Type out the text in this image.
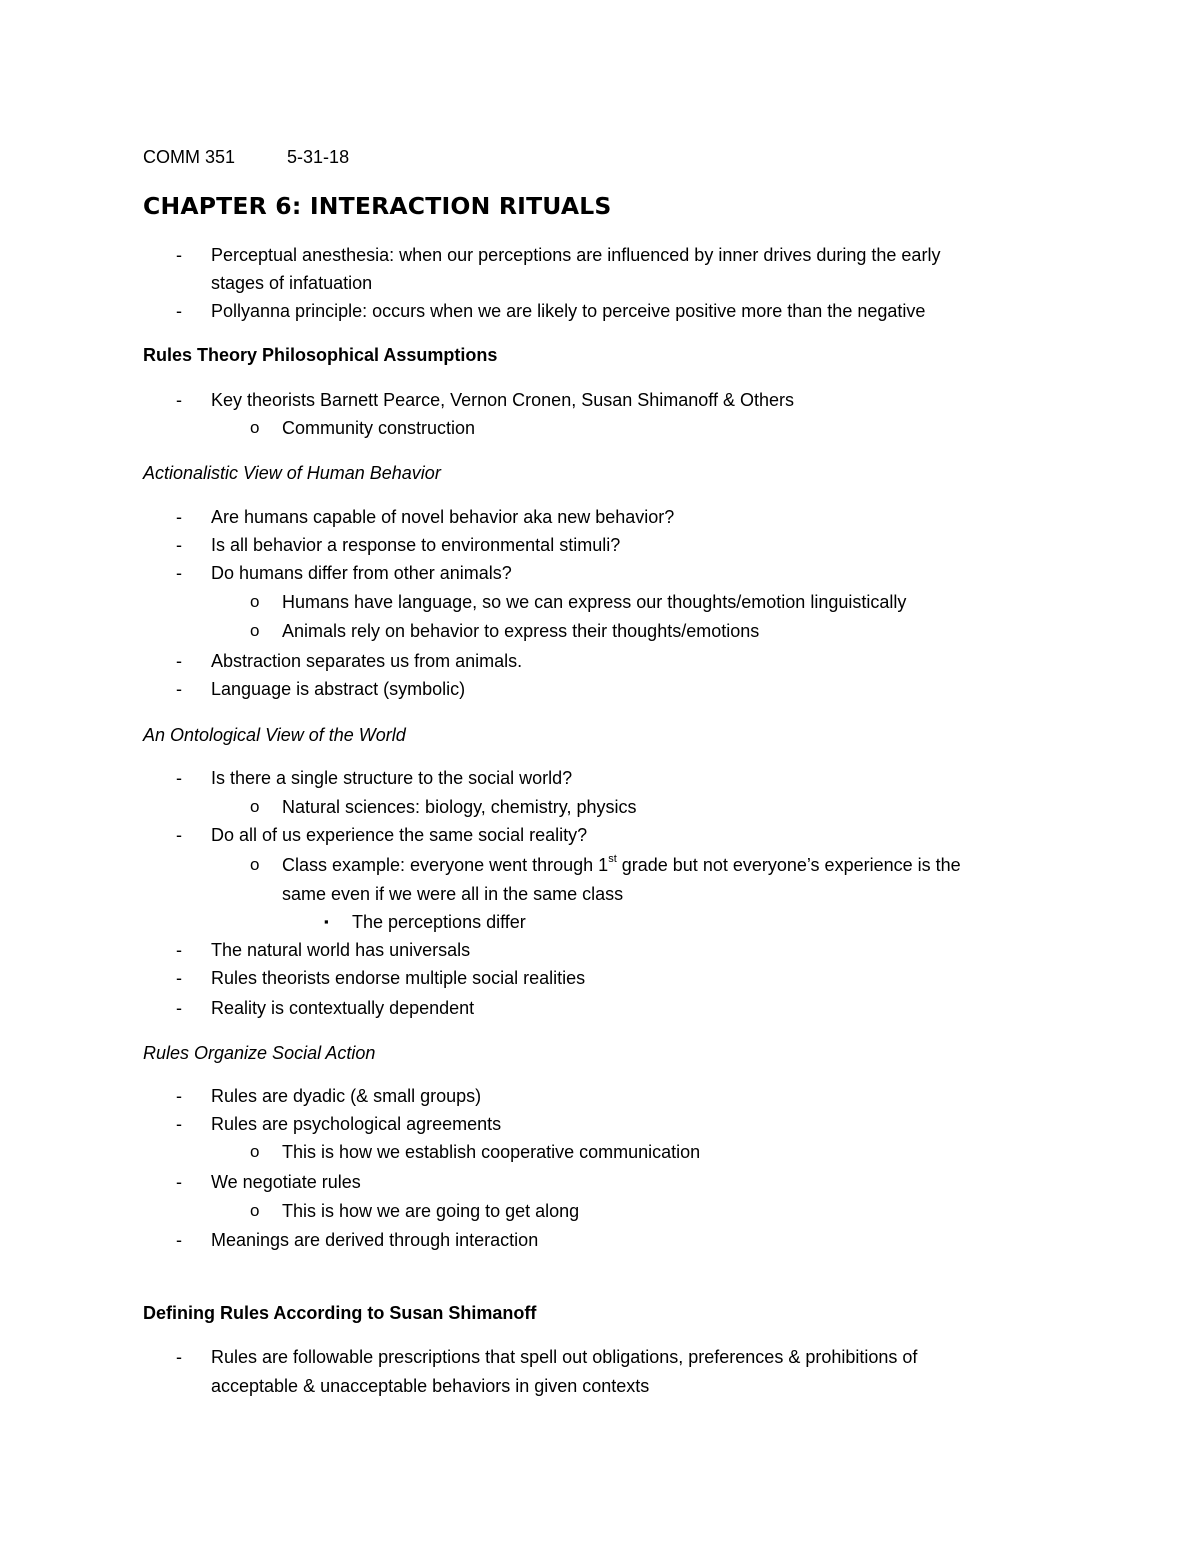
COMM 351	5-31-18
CHAPTER 6: INTERACTION RITUALS

-	Perceptual anesthesia: when our perceptions are influenced by inner drives during the early

stages of infatuation

-	Pollyanna principle: occurs when we are likely to perceive positive more than the negative

Rules Theory Philosophical Assumptions

-	Key theorists Barnett Pearce, Vernon Cronen, Susan Shimanoff & Others

o	Community construction

Actionalistic View of Human Behavior

-	Are humans capable of novel behavior aka new behavior?

-	Is all behavior a response to environmental stimuli?

-	Do humans differ from other animals?

o	Humans have language, so we can express our thoughts/emotion linguistically

o	Animals rely on behavior to express their thoughts/emotions

-	Abstraction separates us from animals.

-	Language is abstract (symbolic)

An Ontological View of the World

-	Is there a single structure to the social world?

o	Natural sciences: biology, chemistry, physics

-	Do all of us experience the same social reality?

o	Class example: everyone went through 1st grade but not everyone’s experience is the

same even if we were all in the same class

▪	The perceptions differ

-	The natural world has universals

-	Rules theorists endorse multiple social realities

-	Reality is contextually dependent

Rules Organize Social Action

-	Rules are dyadic (& small groups)

-	Rules are psychological agreements

o	This is how we establish cooperative communication

-	We negotiate rules

o	This is how we are going to get along

-	Meanings are derived through interaction

Defining Rules According to Susan Shimanoff

-	Rules are followable prescriptions that spell out obligations, preferences & prohibitions of

acceptable & unacceptable behaviors in given contexts
